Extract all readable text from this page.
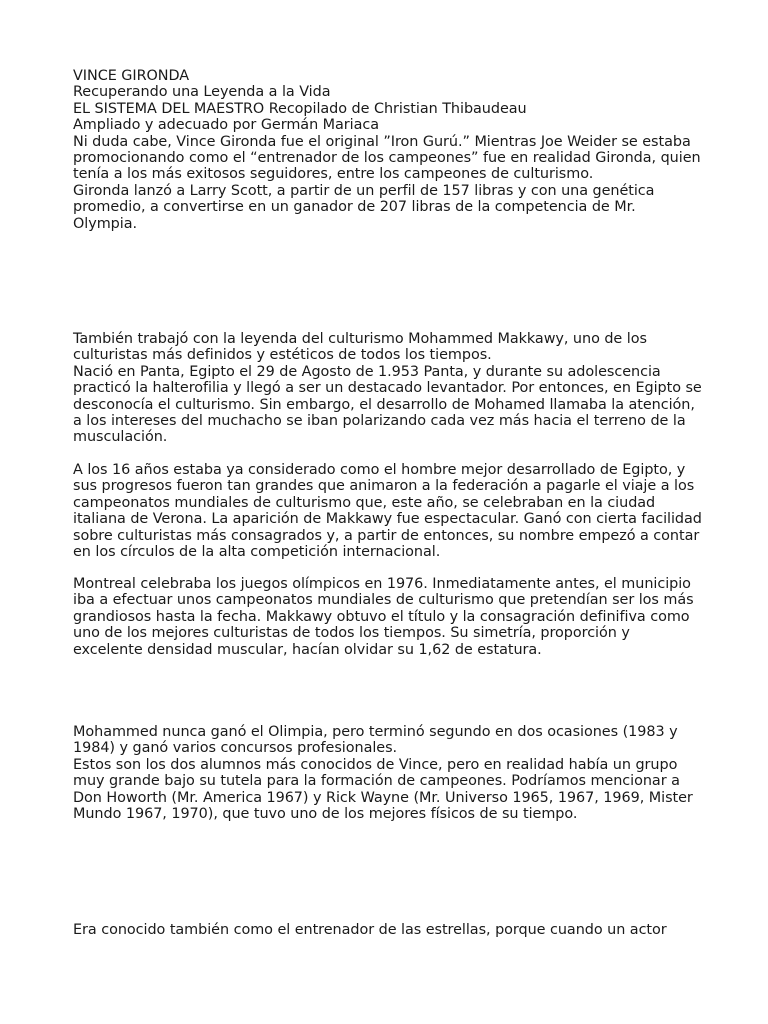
VINCE GIRONDA

Recuperando una Leyenda a la Vida

EL SISTEMA DEL MAESTRO Recopilado de Christian Thibaudeau

Ampliado y adecuado por Germán Mariaca

Ni duda cabe, Vince Gironda fue el original ”Iron Gurú.” Mientras Joe Weider se estaba promocionando como el “entrenador de los campeones” fue en realidad Gironda, quien tenía a los más exitosos seguidores, entre los campeones de culturismo.

Gironda lanzó a Larry Scott, a partir de un perfil de 157 libras y con una genética promedio, a convertirse en un ganador de 207 libras de la competencia de Mr. Olympia.

También trabajó con la leyenda del culturismo Mohammed Makkawy, uno de los culturistas más definidos y estéticos de todos los tiempos.

Nació en Panta, Egipto el 29 de Agosto de 1.953 Panta, y durante su adolescencia practicó la halterofilia y llegó a ser un destacado levantador. Por entonces, en Egipto se desconocía el culturismo. Sin embargo, el desarrollo de Mohamed llamaba la atención, a los intereses del muchacho se iban polarizando cada vez más hacia el terreno de la musculación.

A los 16 años estaba ya considerado como el hombre mejor desarrollado de Egipto, y sus progresos fueron tan grandes que animaron a la federación a pagarle el viaje a los campeonatos mundiales de culturismo que, este año, se celebraban en la ciudad italiana de Verona. La aparición de Makkawy fue espectacular. Ganó con cierta facilidad sobre culturistas más consagrados y, a partir de entonces, su nombre empezó a contar en los círculos de la alta competición internacional.

Montreal celebraba los juegos olímpicos en 1976. Inmediatamente antes, el municipio iba a efectuar unos campeonatos mundiales de culturismo que pretendían ser los más grandiosos hasta la fecha. Makkawy obtuvo el título y la consagración definifiva como uno de los mejores culturistas de todos los tiempos. Su simetría, proporción y excelente densidad muscular, hacían olvidar su 1,62 de estatura.

Mohammed nunca ganó el Olimpia, pero terminó segundo en dos ocasiones (1983 y 1984) y ganó varios concursos profesionales.

Estos son los dos alumnos más conocidos de Vince, pero en realidad había un grupo muy grande bajo su tutela para la formación de campeones. Podríamos mencionar a Don Howorth (Mr. America 1967) y Rick Wayne (Mr. Universo 1965, 1967, 1969, Mister Mundo 1967, 1970), que tuvo uno de los mejores físicos de su tiempo.

Era conocido también como el entrenador de las estrellas, porque cuando un actor
